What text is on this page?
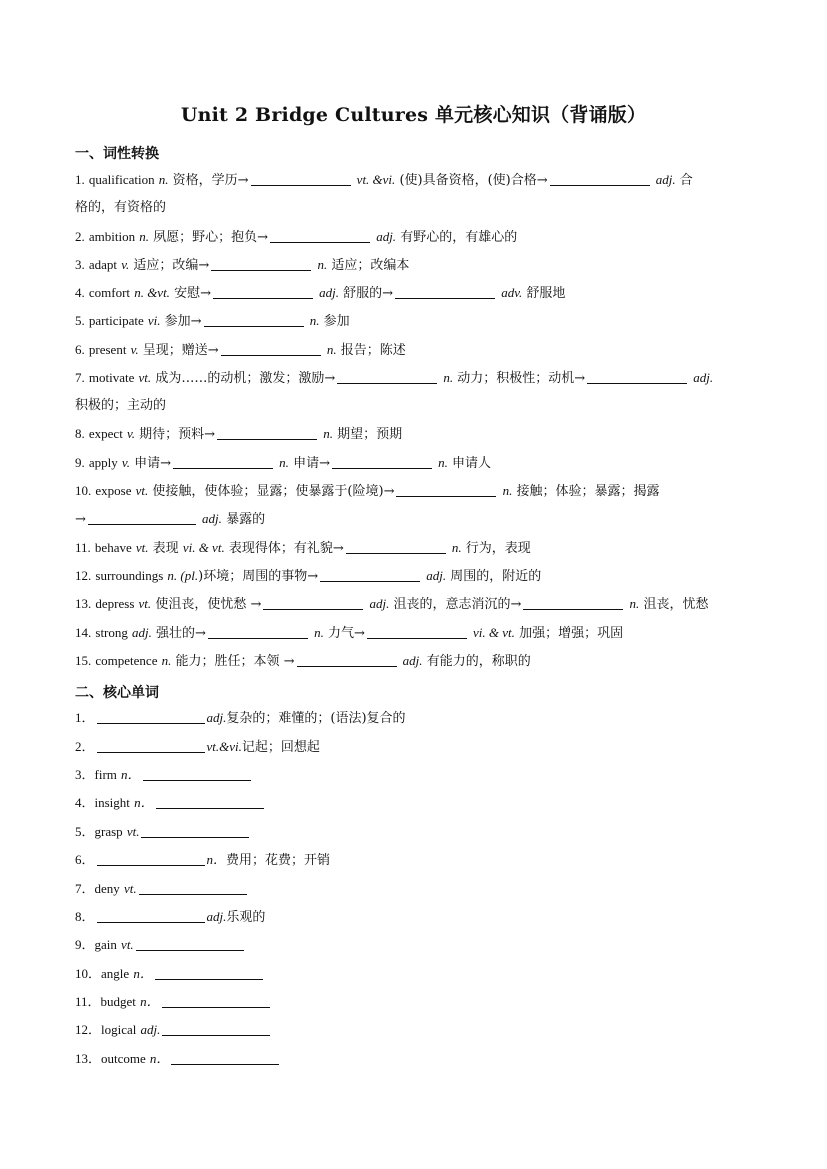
Unit 2 Bridge Cultures 单元核心知识（背诵版）
一、词性转换
1. qualification n. 资格，学历→	vt. &vi. (使)具备资格，(使)合格→	adj. 合
格的，有资格的
2. ambition n. 夙愿；野心；抱负→	adj. 有野心的，有雄心的
3. adapt v. 适应；改编→	n. 适应；改编本
4. comfort n. &vt. 安慰→	adj. 舒服的→	adv. 舒服地
5. participate vi. 参加→	n. 参加
6. present v. 呈现；赠送→	n. 报告；陈述
7. motivate vt. 成为……的动机；激发；激励→	n. 动力；积极性；动机→	adj.
积极的；主动的
8. expect v. 期待；预料→	n. 期望；预期
9. apply v. 申请→	n. 申请→	n. 申请人
10. expose vt. 使接触，使体验；显露；使暴露于(险境)→	n. 接触；体验；暴露；揭露
→	adj. 暴露的
11. behave vt. 表现 vi. & vt. 表现得体；有礼貌→	n. 行为，表现
12. surroundings n. (pl.)环境；周围的事物→	adj. 周围的，附近的
13. depress vt. 使沮丧，使忧愁 →	adj. 沮丧的，意志消沉的→	n. 沮丧，忧愁
14. strong adj. 强壮的→	n. 力气→	vi. & vt. 加强；增强；巩固
15. competence n. 能力；胜任；本领 →	adj. 有能力的，称职的
二、核心单词
1．	adj.复杂的；难懂的；(语法)复合的
2．	vt.&vi.记起；回想起
3．firm n．
4．insight n．
5．grasp vt.
6．	n．费用；花费；开销
7．deny vt.
8．	adj.乐观的
9．gain vt.
10．angle n．
11．budget n．
12．logical adj.
13．outcome n．
